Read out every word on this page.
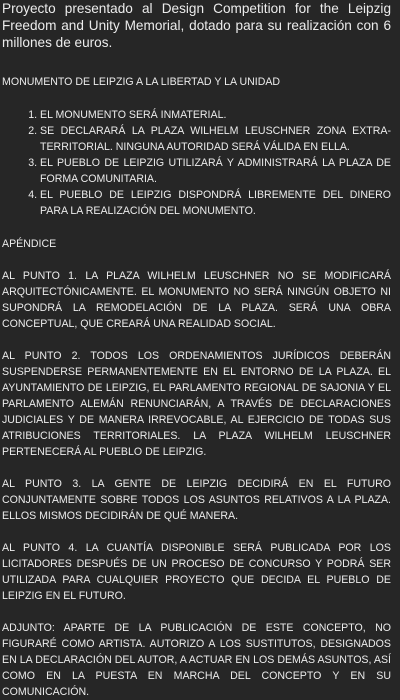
Proyecto presentado al Design Competition for the Leipzig Freedom and Unity Memorial, dotado para su realización con 6 millones de euros.

MONUMENTO DE LEIPZIG A LA LIBERTAD Y LA UNIDAD

1. EL MONUMENTO SERÁ INMATERIAL.
2. SE DECLARARÁ LA PLAZA WILHELM LEUSCHNER ZONA EXTRA-TERRITORIAL. NINGUNA AUTORIDAD SERÁ VÁLIDA EN ELLA.
3. EL PUEBLO DE LEIPZIG UTILIZARÁ Y ADMINISTRARÁ LA PLAZA DE FORMA COMUNITARIA.
4. EL PUEBLO DE LEIPZIG DISPONDRÁ LIBREMENTE DEL DINERO PARA LA REALIZACIÓN DEL MONUMENTO.

APÉNDICE

AL PUNTO 1. LA PLAZA WILHELM LEUSCHNER NO SE MODIFICARÁ ARQUITECTÓNICAMENTE. EL MONUMENTO NO SERÁ NINGÚN OBJETO NI SUPONDRÁ LA REMODELACIÓN DE LA PLAZA. SERÁ UNA OBRA CONCEPTUAL, QUE CREARÁ UNA REALIDAD SOCIAL.

AL PUNTO 2. TODOS LOS ORDENAMIENTOS JURÍDICOS DEBERÁN SUSPENDERSE PERMANENTEMENTE EN EL ENTORNO DE LA PLAZA. EL AYUNTAMIENTO DE LEIPZIG, EL PARLAMENTO REGIONAL DE SAJONIA Y EL PARLAMENTO ALEMÁN RENUNCIARÁN, A TRAVÉS DE DECLARACIONES JUDICIALES Y DE MANERA IRREVOCABLE, AL EJERCICIO DE TODAS SUS ATRIBUCIONES TERRITORIALES. LA PLAZA WILHELM LEUSCHNER PERTENECERÁ AL PUEBLO DE LEIPZIG.

AL PUNTO 3. LA GENTE DE LEIPZIG DECIDIRÁ EN EL FUTURO CONJUNTAMENTE SOBRE TODOS LOS ASUNTOS RELATIVOS A LA PLAZA. ELLOS MISMOS DECIDIRÁN DE QUÉ MANERA.

AL PUNTO 4. LA CUANTÍA DISPONIBLE SERÁ PUBLICADA POR LOS LICITADORES DESPUÉS DE UN PROCESO DE CONCURSO Y PODRÁ SER UTILIZADA PARA CUALQUIER PROYECTO QUE DECIDA EL PUEBLO DE LEIPZIG EN EL FUTURO.

ADJUNTO: APARTE DE LA PUBLICACIÓN DE ESTE CONCEPTO, NO FIGURARÉ COMO ARTISTA. AUTORIZO A LOS SUSTITUTOS, DESIGNADOS EN LA DECLARACIÓN DEL AUTOR, A ACTUAR EN LOS DEMÁS ASUNTOS, ASÍ COMO EN LA PUESTA EN MARCHA DEL CONCEPTO Y EN SU COMUNICACIÓN.
